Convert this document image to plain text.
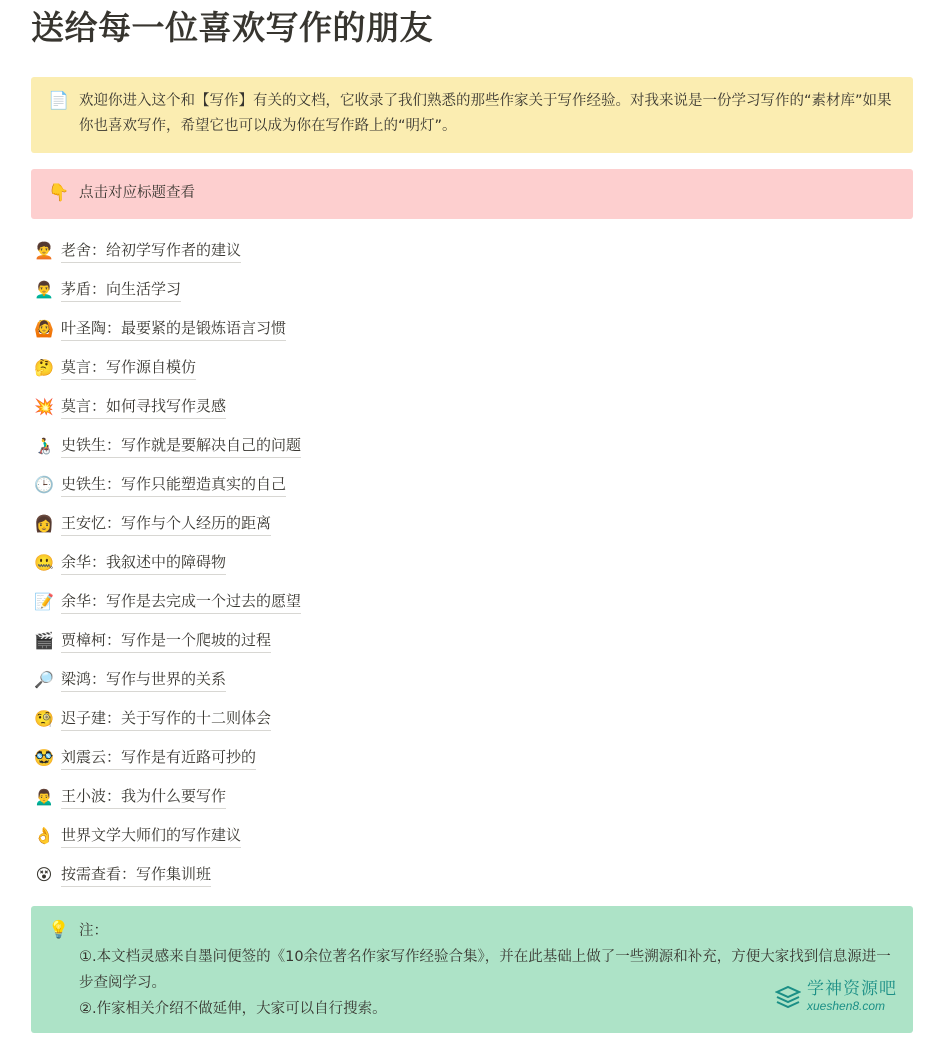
送给每一位喜欢写作的朋友
📄 欢迎你进入这个和【写作】有关的文档，它收录了我们熟悉的那些作家关于写作经验。对我来说是一份学习写作的“素材库”如果你也喜欢写作，希望它也可以成为你在写作路上的“明灯”。
👇 点击对应标题查看
🧑‍🦱 老舍：给初学写作者的建议
👨‍🦱 茅盾：向生活学习
🙆 叶圣陶：最要紧的是锻炼语言习惯
🤔 莫言：写作源自模仿
💥 莫言：如何寻找写作灵感
👨‍🦽 史铁生：写作就是要解决自己的问题
🕒 史铁生：写作只能塑造真实的自己
👩 王安忆：写作与个人经历的距离
🤐 余华：我叙述中的障碍物
📝 余华：写作是去完成一个过去的愿望
🎬 贾樟柯：写作是一个爬坡的过程
🔎 梁鸿：写作与世界的关系
🧐 迟子建：关于写作的十二则体会
🥸 刘震云：写作是有近路可抄的
🙍‍♂️ 王小波：我为什么要写作
👌 世界文学大师们的写作建议
😵 按需查看：写作集训班
💡 注：
①.本文档灵感来自墨问便签的《10余位著名作家写作经验合集》，并在此基础上做了一些溯源和补充，方便大家找到信息源进一步查阅学习。
②.作家相关介绍不做延伸，大家可以自行搜索。
学神资源吧
xueshen8.com
